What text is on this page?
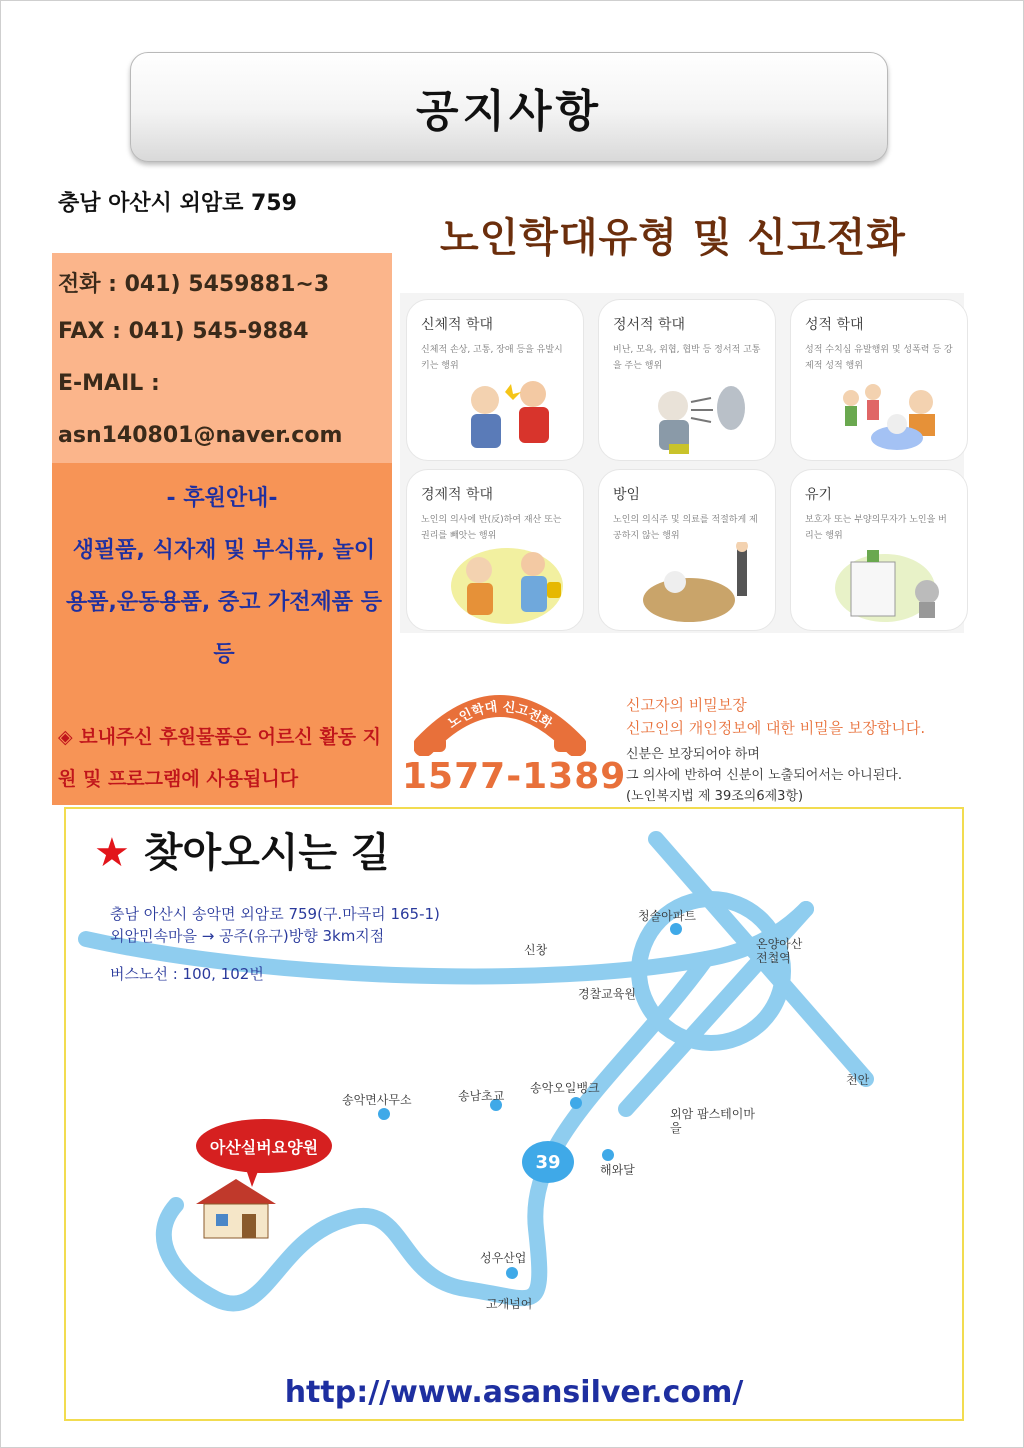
공지사항
충남 아산시 외암로 759
전화 : 041) 5459881~3
FAX : 041) 545-9884
E-MAIL :
asn140801@naver.com
- 후원안내-
생필품, 식자재 및 부식류, 놀이용품,운동용품, 중고 가전제품 등등
◈ 보내주신 후원물품은 어르신 활동 지원 및 프로그램에 사용됩니다
노인학대유형 및 신고전화
신체적 학대
신체적 손상, 고통, 장애 등을 유발시키는 행위
정서적 학대
비난, 모욕, 위협, 협박 등 정서적 고통을 주는 행위
성적 학대
성적 수치심 유발행위 및 성폭력 등 강제적 성적 행위
경제적 학대
노인의 의사에 반(反)하여 재산 또는 권리를 빼앗는 행위
방임
노인의 의식주 및 의료를 적절하게 제공하지 않는 행위
유기
보호자 또는 부양의무자가 노인을 버리는 행위
노인학대 신고전화
1577-1389
신고자의 비밀보장
신고인의 개인정보에 대한 비밀을 보장합니다.
신분은 보장되어야 하며
그 의사에 반하여 신분이 노출되어서는 아니된다.
(노인복지법 제 39조의6제3항)
★ 찾아오시는 길
충남 아산시 송악면 외암로 759(구.마곡리 165-1)
외암민속마을 → 공주(유구)방향 3km지점
버스노선 : 100, 102번
청솔아파트
신창	온양아산 전철역
경찰교육원
천안
송악면사무소	송남초교
송악오일뱅크
외암 팜스테이마을
해와달
성우산업
고개넘어
39
아산실버요양원
http://www.asansilver.com/
